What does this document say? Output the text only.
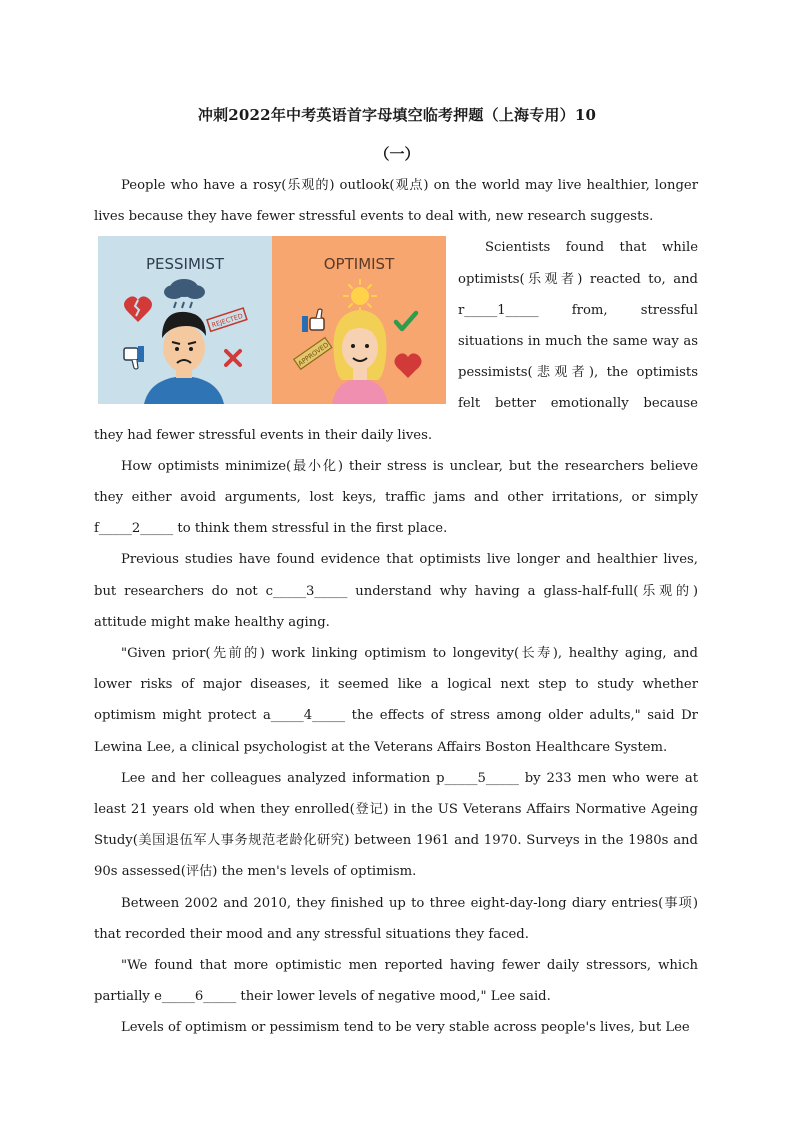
冲刺2022年中考英语首字母填空临考押题（上海专用）10
（一）

People who have a rosy(乐观的) outlook(观点) on the world may live healthier, longer lives because they have fewer stressful events to deal with, new research suggests.

PESSIMIST
REJECTED
OPTIMIST
APPROVED
Scientists found that while optimists(乐观者) reacted to, and r_____1_____ from, stressful situations in much the same way as pessimists(悲观者), the optimists felt better emotionally because they had fewer stressful events in their daily lives.

How optimists minimize(最小化) their stress is unclear, but the researchers believe they either avoid arguments, lost keys, traffic jams and other irritations, or simply f_____2_____ to think them stressful in the first place.

Previous studies have found evidence that optimists live longer and healthier lives, but researchers do not c_____3_____ understand why having a glass-half-full(乐观的) attitude might make healthy aging.

"Given prior(先前的) work linking optimism to longevity(长寿), healthy aging, and lower risks of major diseases, it seemed like a logical next step to study whether optimism might protect a_____4_____ the effects of stress among older adults," said Dr Lewina Lee, a clinical psychologist at the Veterans Affairs Boston Healthcare System.

Lee and her colleagues analyzed information p_____5_____ by 233 men who were at least 21 years old when they enrolled(登记) in the US Veterans Affairs Normative Ageing Study(美国退伍军人事务规范老龄化研究) between 1961 and 1970. Surveys in the 1980s and 90s assessed(评估) the men's levels of optimism.

Between 2002 and 2010, they finished up to three eight-day-long diary entries(事项) that recorded their mood and any stressful situations they faced.

"We found that more optimistic men reported having fewer daily stressors, which partially e_____6_____ their lower levels of negative mood," Lee said.

Levels of optimism or pessimism tend to be very stable across people's lives, but Lee
